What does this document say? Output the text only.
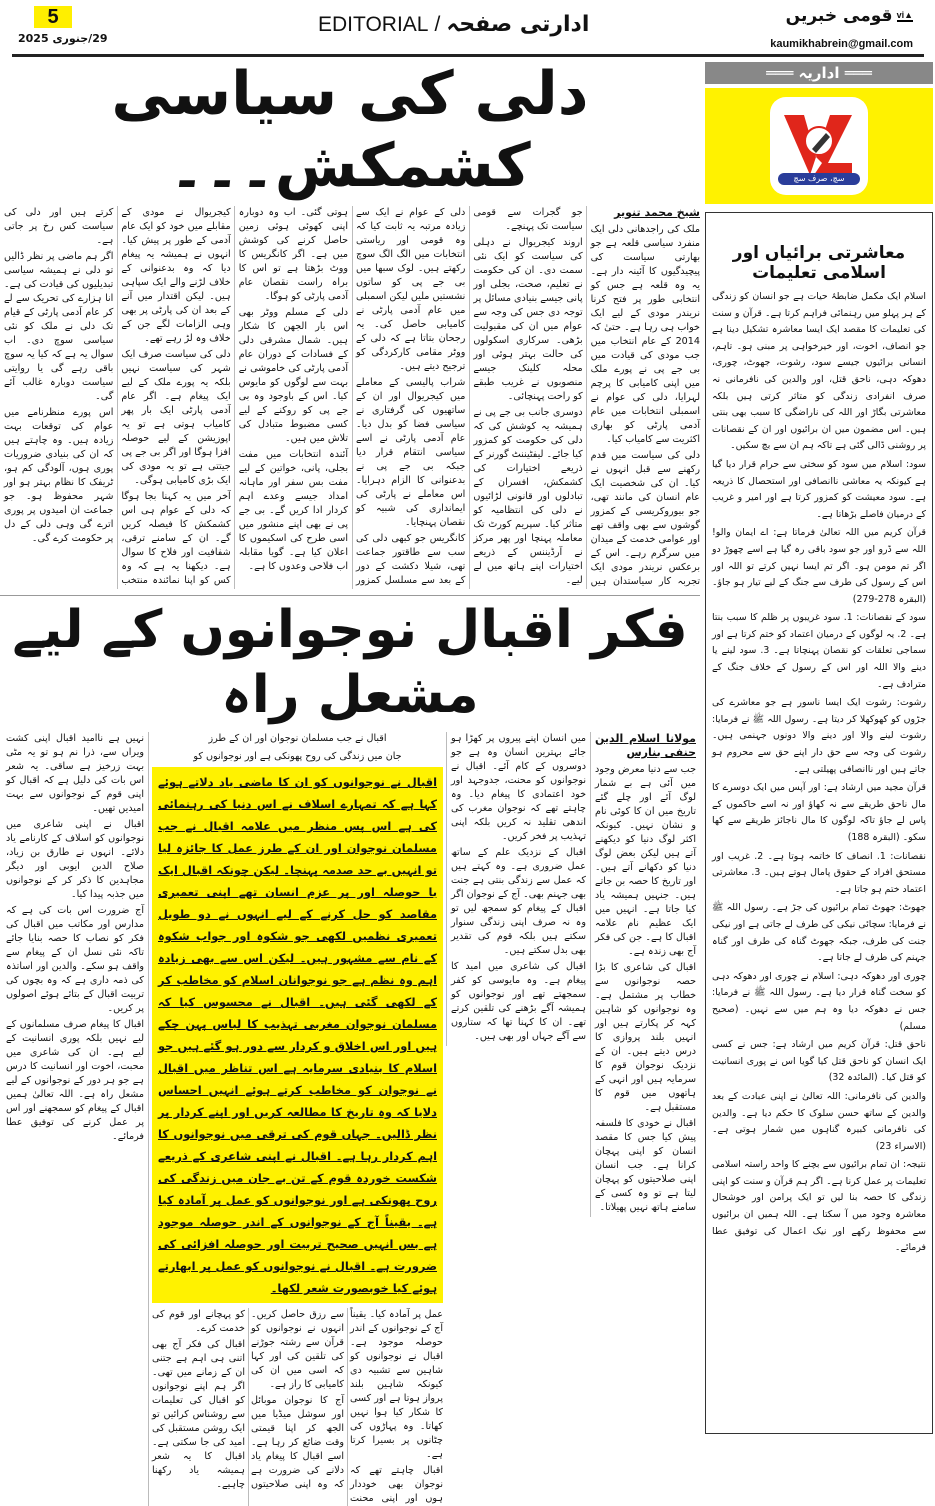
5
29/جنوری 2025
EDITORIAL / ادارتی صفحہ	▲vi
قومی خبریں
kaumikhabrein@gmail.com
دلی کی سیاسی کشمکش۔۔۔
شیخ محمد تنویر

ملک کی راجدھانی دلی ایک منفرد سیاسی قلعہ ہے جو بھارتی سیاست کی پیچیدگیوں کا آئینہ دار ہے۔ یہ وہ قلعہ ہے جس کو انتخابی طور پر فتح کرنا نریندر مودی کے لیے ایک خواب ہی رہا ہے۔ حتیٰ کہ 2014 کے عام انتخاب میں جب مودی کی قیادت میں بی جے پی نے پورے ملک میں اپنی کامیابی کا پرچم لہرایا، دلی کی عوام نے اسمبلی انتخابات میں عام آدمی پارٹی کو بھاری اکثریت سے کامیاب کیا۔

دلی کی سیاست میں قدم رکھنے سے قبل انہوں نے کیا۔ ان کی شخصیت ایک عام انسان کی مانند تھی، جو بیوروکریسی کے کمزور گوشوں سے بھی واقف تھے اور عوامی خدمت کے میدان میں سرگرم رہے۔ اس کے برعکس نریندر مودی ایک تجربہ کار سیاستدان ہیں جو گجرات سے قومی سیاست تک پہنچے۔

اروند کیجریوال نے دہلی کی سیاست کو ایک نئی سمت دی۔ ان کی حکومت نے تعلیم، صحت، بجلی اور پانی جیسے بنیادی مسائل پر توجہ دی جس کی وجہ سے عوام میں ان کی مقبولیت بڑھی۔ سرکاری اسکولوں کی حالت بہتر ہوئی اور محلہ کلینک جیسے منصوبوں نے غریب طبقے کو راحت پہنچائی۔

دوسری جانب بی جے پی نے ہمیشہ یہ کوشش کی کہ دلی کی حکومت کو کمزور کیا جائے۔ لیفٹیننٹ گورنر کے ذریعے اختیارات کی کشمکش، افسران کے تبادلوں اور قانونی لڑائیوں نے دلی کی انتظامیہ کو متاثر کیا۔ سپریم کورٹ تک معاملہ پہنچا اور پھر مرکز نے آرڈیننس کے ذریعے اختیارات اپنے ہاتھ میں لے لیے۔

دلی کے عوام نے ایک سے زیادہ مرتبہ یہ ثابت کیا کہ وہ قومی اور ریاستی انتخابات میں الگ الگ سوچ رکھتے ہیں۔ لوک سبھا میں بی جے پی کو ساتوں نشستیں ملیں لیکن اسمبلی میں عام آدمی پارٹی نے کامیابی حاصل کی۔ یہ رجحان بتاتا ہے کہ دلی کے ووٹر مقامی کارکردگی کو ترجیح دیتے ہیں۔

شراب پالیسی کے معاملے میں کیجریوال اور ان کے ساتھیوں کی گرفتاری نے سیاسی فضا کو بدل دیا۔ عام آدمی پارٹی نے اسے سیاسی انتقام قرار دیا جبکہ بی جے پی نے بدعنوانی کا الزام دہرایا۔ اس معاملے نے پارٹی کی ایمانداری کی شبیہ کو نقصان پہنچایا۔

کانگریس جو کبھی دلی کی سب سے طاقتور جماعت تھی، شیلا دکشت کے دور کے بعد سے مسلسل کمزور ہوتی گئی۔ اب وہ دوبارہ اپنی کھوئی ہوئی زمین حاصل کرنے کی کوشش میں ہے۔ اگر کانگریس کا ووٹ بڑھتا ہے تو اس کا براہ راست نقصان عام آدمی پارٹی کو ہوگا۔

دلی کے مسلم ووٹر بھی اس بار الجھن کا شکار ہیں۔ شمال مشرقی دلی کے فسادات کے دوران عام آدمی پارٹی کی خاموشی نے بہت سے لوگوں کو مایوس کیا۔ اس کے باوجود وہ بی جے پی کو روکنے کے لیے کسی مضبوط متبادل کی تلاش میں ہیں۔

آئندہ انتخابات میں مفت بجلی، پانی، خواتین کے لیے مفت بس سفر اور ماہانہ امداد جیسے وعدے اہم کردار ادا کریں گے۔ بی جے پی نے بھی اپنے منشور میں اسی طرح کی اسکیموں کا اعلان کیا ہے۔ گویا مقابلہ اب فلاحی وعدوں کا ہے۔

کیجریوال نے مودی کے مقابلے میں خود کو ایک عام آدمی کے طور پر پیش کیا۔ انہوں نے ہمیشہ یہ پیغام دیا کہ وہ بدعنوانی کے خلاف لڑنے والے ایک سپاہی ہیں۔ لیکن اقتدار میں آنے کے بعد ان کی پارٹی پر بھی وہی الزامات لگے جن کے خلاف وہ لڑ رہے تھے۔

دلی کی سیاست صرف ایک شہر کی سیاست نہیں بلکہ یہ پورے ملک کے لیے ایک پیغام ہے۔ اگر عام آدمی پارٹی ایک بار پھر کامیاب ہوتی ہے تو یہ اپوزیشن کے لیے حوصلہ افزا ہوگا اور اگر بی جے پی جیتتی ہے تو یہ مودی کی ایک بڑی کامیابی ہوگی۔

آخر میں یہ کہنا بجا ہوگا کہ دلی کے عوام ہی اس کشمکش کا فیصلہ کریں گے۔ ان کے سامنے ترقی، شفافیت اور فلاح کا سوال ہے۔ دیکھنا یہ ہے کہ وہ کس کو اپنا نمائندہ منتخب کرتے ہیں اور دلی کی سیاست کس رخ پر جاتی ہے۔

اگر ہم ماضی پر نظر ڈالیں تو دلی نے ہمیشہ سیاسی تبدیلیوں کی قیادت کی ہے۔ انا ہزارے کی تحریک سے لے کر عام آدمی پارٹی کے قیام تک دلی نے ملک کو نئی سیاسی سوچ دی۔ اب سوال یہ ہے کہ کیا یہ سوچ باقی رہے گی یا روایتی سیاست دوبارہ غالب آئے گی۔

اس پورے منظرنامے میں عوام کی توقعات بہت زیادہ ہیں۔ وہ چاہتے ہیں کہ ان کی بنیادی ضروریات پوری ہوں، آلودگی کم ہو، ٹریفک کا نظام بہتر ہو اور شہر محفوظ ہو۔ جو جماعت ان امیدوں پر پوری اترے گی وہی دلی کے دل پر حکومت کرے گی۔

فکر اقبال نوجوانوں کے لیے مشعل راہ
مولانا اسلام الدین حنفی بنارس

جب سے دنیا معرض وجود میں آئی ہے بے شمار لوگ آئے اور چلے گئے تاریخ میں ان کا کوئی نام و نشان نہیں۔ کیونکہ اکثر لوگ دنیا کو دیکھنے آتے ہیں لیکن بعض لوگ دنیا کو دکھانے آتے ہیں۔ اور تاریخ کا حصہ بن جاتے ہیں۔ جنہیں ہمیشہ یاد کیا جاتا ہے۔ انہیں میں ایک عظیم نام علامہ اقبال کا ہے۔ جن کی فکر آج بھی زندہ ہے۔

اقبال کی شاعری کا بڑا حصہ نوجوانوں سے خطاب پر مشتمل ہے۔ وہ نوجوانوں کو شاہین کہہ کر پکارتے ہیں اور انہیں بلند پروازی کا درس دیتے ہیں۔ ان کے نزدیک نوجوان قوم کا سرمایہ ہیں اور انہی کے ہاتھوں میں قوم کا مستقبل ہے۔

اقبال نے خودی کا فلسفہ پیش کیا جس کا مقصد انسان کو اپنی پہچان کرانا ہے۔ جب انسان اپنی صلاحیتوں کو پہچان لیتا ہے تو وہ کسی کے سامنے ہاتھ نہیں پھیلاتا۔

میں انسان اپنے پیروں پر کھڑا ہو جائے بہترین انسان وہ ہے جو دوسروں کے کام آئے۔ اقبال نے نوجوانوں کو محنت، جدوجہد اور خود اعتمادی کا پیغام دیا۔ وہ چاہتے تھے کہ نوجوان مغرب کی اندھی تقلید نہ کریں بلکہ اپنی تہذیب پر فخر کریں۔

اقبال کے نزدیک علم کے ساتھ عمل ضروری ہے۔ وہ کہتے ہیں کہ عمل سے زندگی بنتی ہے جنت بھی جہنم بھی۔ آج کے نوجوان اگر اقبال کے پیغام کو سمجھ لیں تو وہ نہ صرف اپنی زندگی سنوار سکتے ہیں بلکہ قوم کی تقدیر بھی بدل سکتے ہیں۔

اقبال کی شاعری میں امید کا پیغام ہے۔ وہ مایوسی کو کفر سمجھتے تھے اور نوجوانوں کو ہمیشہ آگے بڑھنے کی تلقین کرتے تھے۔ ان کا کہنا تھا کہ ستاروں سے آگے جہاں اور بھی ہیں۔

اقبال نے جب مسلمان نوجوان اور ان کے طرز
جان میں زندگی کی روح پھونکی ہے اور نوجوانوں کو
اقبال نے نوجوانوں کو ان کا ماضی یاد دلاتے ہوئے کہا ہے کہ تمہارے اسلاف نے اس دنیا کی رہنمائی کی ہے اس پس منظر میں علامہ اقبال نے جب مسلمان نوجوان اور ان کے طرز عمل کا جائزہ لیا تو انہیں بے حد صدمہ پہنچا۔ لیکن چونکہ اقبال ایک با حوصلہ اور پر عزم انسان تھے اپنی تعمیری مقاصد کو حل کرنے کے لیے انہوں نے دو طویل تعمیری نظمیں لکھی جو شکوہ اور جواب شکوہ کے نام سے مشہور ہیں۔ لیکن اس سے بھی زیادہ اہم وہ نظم ہے جو نوجوانان اسلام کو مخاطب کر کے لکھی گئی ہیں۔ اقبال نے محسوس کیا کہ مسلمان نوجوان مغربی تہذیب کا لباس پہن چکے ہیں اور اس اخلاق و کردار سے دور ہو گئے ہیں جو اسلام کا بنیادی سرمایہ ہے اس تناظر میں اقبال نے نوجوان کو مخاطب کرتے ہوئے انہیں احساس دلایا کہ وہ تاریخ کا مطالعہ کریں اور اپنے کردار پر نظر ڈالیں۔ جہاں قوم کی ترقی میں نوجوانوں کا اہم کردار رہا ہے۔ اقبال نے اپنی شاعری کے ذریعے شکست خوردہ قوم کے تن بے جان میں زندگی کی روح پھونکی ہے اور نوجوانوں کو عمل پر آمادہ کیا ہے۔ یقیناً آج کے نوجوانوں کے اندر حوصلہ موجود ہے بس انہیں صحیح تربیت اور حوصلہ افزائی کی ضرورت ہے۔ اقبال نے نوجوانوں کو عمل پر ابھارتے ہوئے کیا خوبصورت شعر لکھا۔

عمل پر آمادہ کیا۔ یقیناً آج کے نوجوانوں کے اندر حوصلہ موجود ہے۔ اقبال نے نوجوانوں کو شاہین سے تشبیہ دی کیونکہ شاہین بلند پرواز ہوتا ہے اور کسی کا شکار کیا ہوا نہیں کھاتا۔ وہ پہاڑوں کی چٹانوں پر بسیرا کرتا ہے۔

اقبال چاہتے تھے کہ نوجوان بھی خوددار ہوں اور اپنی محنت سے رزق حاصل کریں۔ انہوں نے نوجوانوں کو قرآن سے رشتہ جوڑنے کی تلقین کی اور کہا کہ اسی میں ان کی کامیابی کا راز ہے۔

آج کا نوجوان موبائل اور سوشل میڈیا میں الجھ کر اپنا قیمتی وقت ضائع کر رہا ہے۔ اسے اقبال کا پیغام یاد دلانے کی ضرورت ہے کہ وہ اپنی صلاحیتوں کو پہچانے اور قوم کی خدمت کرے۔

اقبال کی فکر آج بھی اتنی ہی اہم ہے جتنی ان کے زمانے میں تھی۔ اگر ہم اپنے نوجوانوں کو اقبال کی تعلیمات سے روشناس کرائیں تو ایک روشن مستقبل کی امید کی جا سکتی ہے۔ اقبال کا یہ شعر ہمیشہ یاد رکھنا چاہیے۔

نہیں ہے ناامید اقبال اپنی کشت ویراں سے، ذرا نم ہو تو یہ مٹی بہت زرخیز ہے ساقی۔ یہ شعر اس بات کی دلیل ہے کہ اقبال کو اپنی قوم کے نوجوانوں سے بہت امیدیں تھیں۔

اقبال نے اپنی شاعری میں نوجوانوں کو اسلاف کے کارنامے یاد دلائے۔ انہوں نے طارق بن زیاد، صلاح الدین ایوبی اور دیگر مجاہدین کا ذکر کر کے نوجوانوں میں جذبہ پیدا کیا۔

آج ضرورت اس بات کی ہے کہ مدارس اور مکاتب میں اقبال کی فکر کو نصاب کا حصہ بنایا جائے تاکہ نئی نسل ان کے پیغام سے واقف ہو سکے۔ والدین اور اساتذہ کی ذمہ داری ہے کہ وہ بچوں کی تربیت اقبال کے بتائے ہوئے اصولوں پر کریں۔

اقبال کا پیغام صرف مسلمانوں کے لیے نہیں بلکہ پوری انسانیت کے لیے ہے۔ ان کی شاعری میں محبت، اخوت اور انسانیت کا درس ہے جو ہر دور کے نوجوانوں کے لیے مشعل راہ ہے۔ اللہ تعالیٰ ہمیں اقبال کے پیغام کو سمجھنے اور اس پر عمل کرنے کی توفیق عطا فرمائے۔

═══ اداریہ ═══
سچ، صرف سچ
معاشرتی برائیاں اور اسلامی تعلیمات

اسلام ایک مکمل ضابطۂ حیات ہے جو انسان کو زندگی کے ہر پہلو میں رہنمائی فراہم کرتا ہے۔ قرآن و سنت کی تعلیمات کا مقصد ایک ایسا معاشرہ تشکیل دینا ہے جو انصاف، اخوت، اور خیرخواہی پر مبنی ہو۔ تاہم، انسانی برائیوں جیسے سود، رشوت، جھوٹ، چوری، دھوکہ دہی، ناحق قتل، اور والدین کی نافرمانی نہ صرف انفرادی زندگی کو متاثر کرتی ہیں بلکہ معاشرتی بگاڑ اور اللہ کی ناراضگی کا سبب بھی بنتی ہیں۔ اس مضمون میں ان برائیوں اور ان کے نقصانات پر روشنی ڈالی گئی ہے تاکہ ہم ان سے بچ سکیں۔

سود: اسلام میں سود کو سختی سے حرام قرار دیا گیا ہے کیونکہ یہ معاشی ناانصافی اور استحصال کا ذریعہ ہے۔ سود معیشت کو کمزور کرتا ہے اور امیر و غریب کے درمیان فاصلے بڑھاتا ہے۔

قرآن کریم میں اللہ تعالیٰ فرماتا ہے: اے ایمان والو! اللہ سے ڈرو اور جو سود باقی رہ گیا ہے اسے چھوڑ دو اگر تم مومن ہو۔ اگر تم ایسا نہیں کرتے تو اللہ اور اس کے رسول کی طرف سے جنگ کے لیے تیار ہو جاؤ۔ (البقرہ 278-279)

سود کے نقصانات: 1. سود غریبوں پر ظلم کا سبب بنتا ہے۔ 2. یہ لوگوں کے درمیان اعتماد کو ختم کرتا ہے اور سماجی تعلقات کو نقصان پہنچاتا ہے۔ 3. سود لینے یا دینے والا اللہ اور اس کے رسول کے خلاف جنگ کے مترادف ہے۔

رشوت: رشوت ایک ایسا ناسور ہے جو معاشرے کی جڑوں کو کھوکھلا کر دیتا ہے۔ رسول اللہ ﷺ نے فرمایا: رشوت لینے والا اور دینے والا دونوں جہنمی ہیں۔ رشوت کی وجہ سے حق دار اپنے حق سے محروم ہو جاتے ہیں اور ناانصافی پھیلتی ہے۔

قرآن مجید میں ارشاد ہے: اور آپس میں ایک دوسرے کا مال ناحق طریقے سے نہ کھاؤ اور نہ اسے حاکموں کے پاس لے جاؤ تاکہ لوگوں کا مال ناجائز طریقے سے کھا سکو۔ (البقرہ 188)

نقصانات: 1. انصاف کا خاتمہ ہوتا ہے۔ 2. غریب اور مستحق افراد کے حقوق پامال ہوتے ہیں۔ 3. معاشرتی اعتماد ختم ہو جاتا ہے۔

جھوٹ: جھوٹ تمام برائیوں کی جڑ ہے۔ رسول اللہ ﷺ نے فرمایا: سچائی نیکی کی طرف لے جاتی ہے اور نیکی جنت کی طرف، جبکہ جھوٹ گناہ کی طرف اور گناہ جہنم کی طرف لے جاتا ہے۔

چوری اور دھوکہ دہی: اسلام نے چوری اور دھوکہ دہی کو سخت گناہ قرار دیا ہے۔ رسول اللہ ﷺ نے فرمایا: جس نے دھوکہ دیا وہ ہم میں سے نہیں۔ (صحیح مسلم)

ناحق قتل: قرآن کریم میں ارشاد ہے: جس نے کسی ایک انسان کو ناحق قتل کیا گویا اس نے پوری انسانیت کو قتل کیا۔ (المائدہ 32)

والدین کی نافرمانی: اللہ تعالیٰ نے اپنی عبادت کے بعد والدین کے ساتھ حسن سلوک کا حکم دیا ہے۔ والدین کی نافرمانی کبیرہ گناہوں میں شمار ہوتی ہے۔ (الاسراء 23)

نتیجہ: ان تمام برائیوں سے بچنے کا واحد راستہ اسلامی تعلیمات پر عمل کرنا ہے۔ اگر ہم قرآن و سنت کو اپنی زندگی کا حصہ بنا لیں تو ایک پرامن اور خوشحال معاشرہ وجود میں آ سکتا ہے۔ اللہ ہمیں ان برائیوں سے محفوظ رکھے اور نیک اعمال کی توفیق عطا فرمائے۔
